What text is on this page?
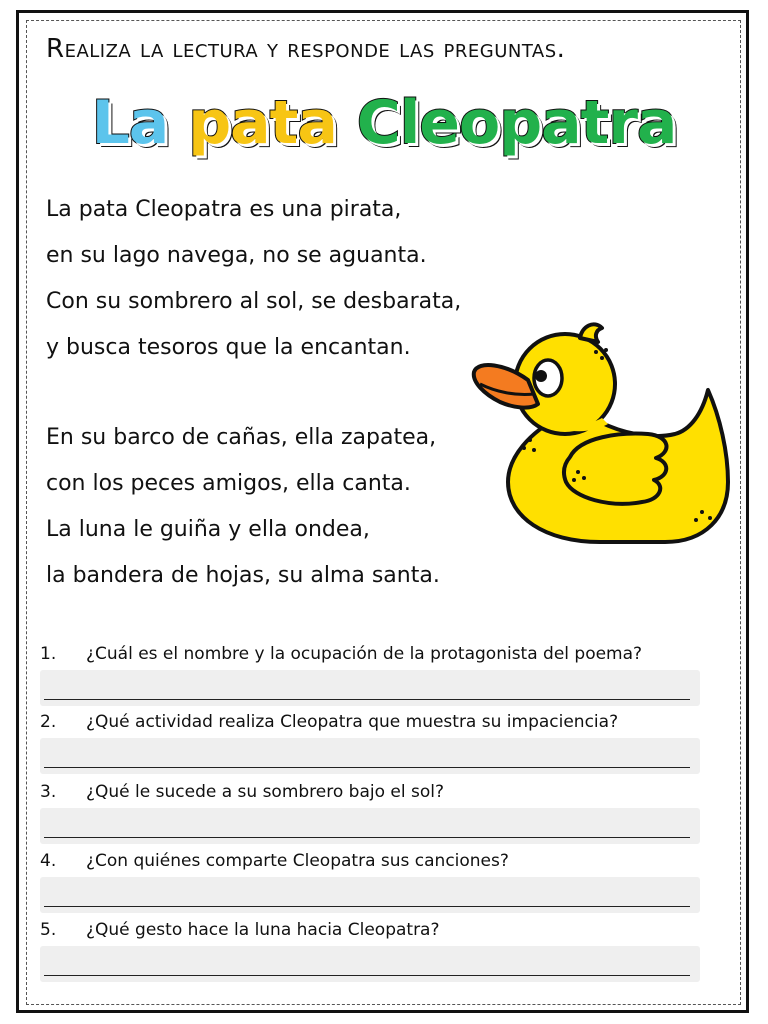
Realiza la lectura y responde las preguntas.
La pata Cleopatra
La pata Cleopatra es una pirata,
en su lago navega, no se aguanta.
Con su sombrero al sol, se desbarata,
y busca tesoros que la encantan.
En su barco de cañas, ella zapatea,
con los peces amigos, ella canta.
La luna le guiña y ella ondea,
la bandera de hojas, su alma santa.
1. ¿Cuál es el nombre y la ocupación de la protagonista del poema?
2. ¿Qué actividad realiza Cleopatra que muestra su impaciencia?
3. ¿Qué le sucede a su sombrero bajo el sol?
4. ¿Con quiénes comparte Cleopatra sus canciones?
5. ¿Qué gesto hace la luna hacia Cleopatra?
